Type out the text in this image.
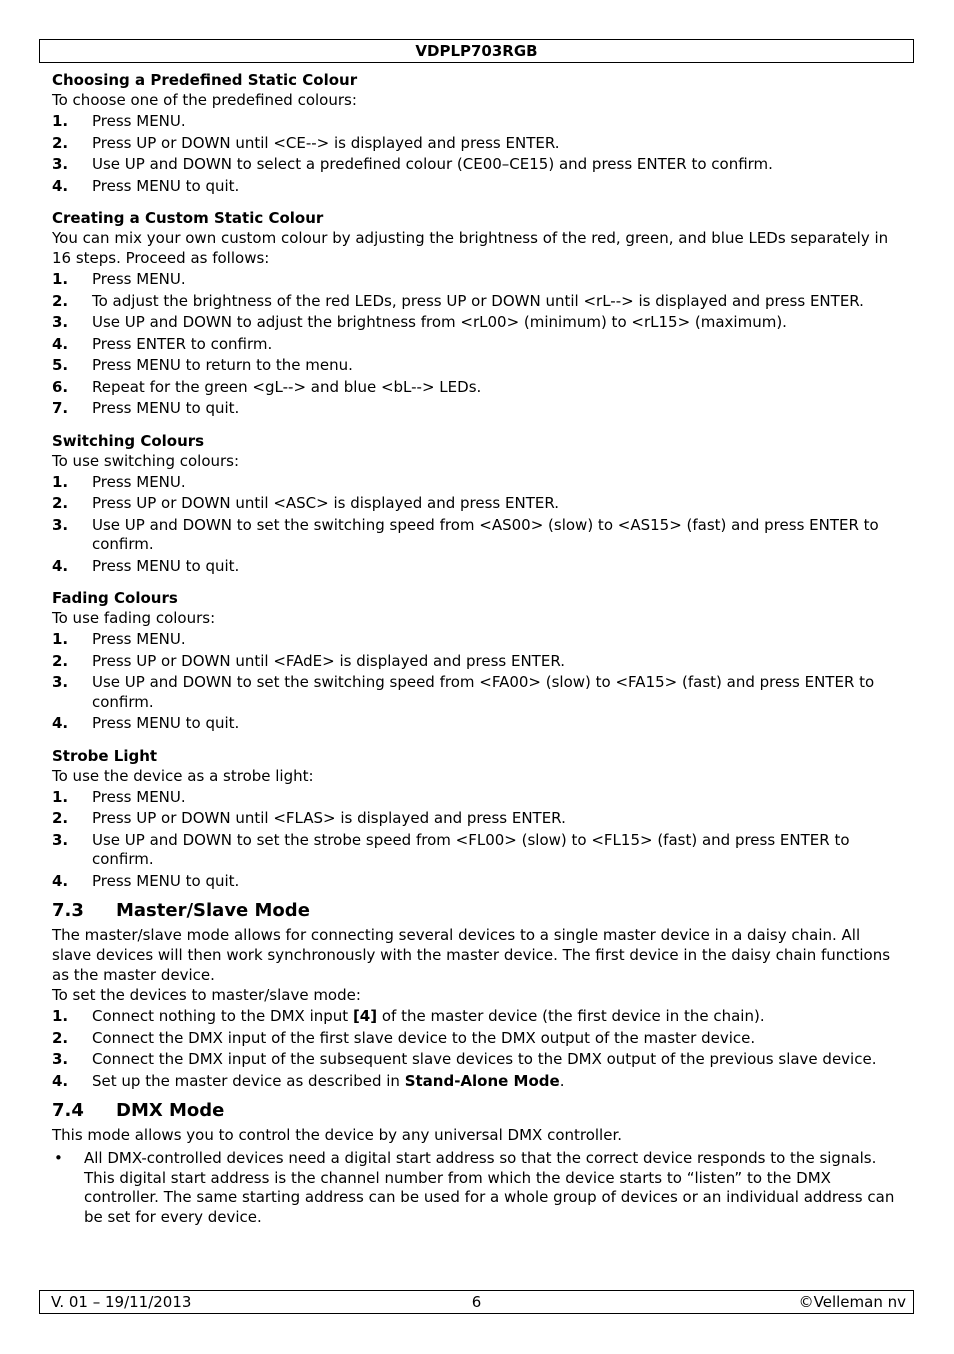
VDPLP703RGB
Choosing a Predefined Static Colour

To choose one of the predefined colours:

1. Press MENU.
2. Press UP or DOWN until <CE--> is displayed and press ENTER.
3. Use UP and DOWN to select a predefined colour (CE00–CE15) and press ENTER to confirm.
4. Press MENU to quit.
Creating a Custom Static Colour

You can mix your own custom colour by adjusting the brightness of the red, green, and blue LEDs separately in 16 steps. Proceed as follows:

1. Press MENU.
2. To adjust the brightness of the red LEDs, press UP or DOWN until <rL--> is displayed and press ENTER.
3. Use UP and DOWN to adjust the brightness from <rL00> (minimum) to <rL15> (maximum).
4. Press ENTER to confirm.
5. Press MENU to return to the menu.
6. Repeat for the green <gL--> and blue <bL--> LEDs.
7. Press MENU to quit.
Switching Colours

To use switching colours:

1. Press MENU.
2. Press UP or DOWN until <ASC> is displayed and press ENTER.
3. Use UP and DOWN to set the switching speed from <AS00> (slow) to <AS15> (fast) and press ENTER to confirm.
4. Press MENU to quit.
Fading Colours

To use fading colours:

1. Press MENU.
2. Press UP or DOWN until <FAdE> is displayed and press ENTER.
3. Use UP and DOWN to set the switching speed from <FA00> (slow) to <FA15> (fast) and press ENTER to confirm.
4. Press MENU to quit.
Strobe Light

To use the device as a strobe light:

1. Press MENU.
2. Press UP or DOWN until <FLAS> is displayed and press ENTER.
3. Use UP and DOWN to set the strobe speed from <FL00> (slow) to <FL15> (fast) and press ENTER to confirm.
4. Press MENU to quit.
7.3 Master/Slave Mode

The master/slave mode allows for connecting several devices to a single master device in a daisy chain. All slave devices will then work synchronously with the master device. The first device in the daisy chain functions as the master device.

To set the devices to master/slave mode:

1. Connect nothing to the DMX input [4] of the master device (the first device in the chain).
2. Connect the DMX input of the first slave device to the DMX output of the master device.
3. Connect the DMX input of the subsequent slave devices to the DMX output of the previous slave device.
4. Set up the master device as described in Stand-Alone Mode.
7.4 DMX Mode

This mode allows you to control the device by any universal DMX controller.

• All DMX-controlled devices need a digital start address so that the correct device responds to the signals. This digital start address is the channel number from which the device starts to “listen” to the DMX controller. The same starting address can be used for a whole group of devices or an individual address can be set for every device.
V. 01 – 19/11/2013	6	©Velleman nv
